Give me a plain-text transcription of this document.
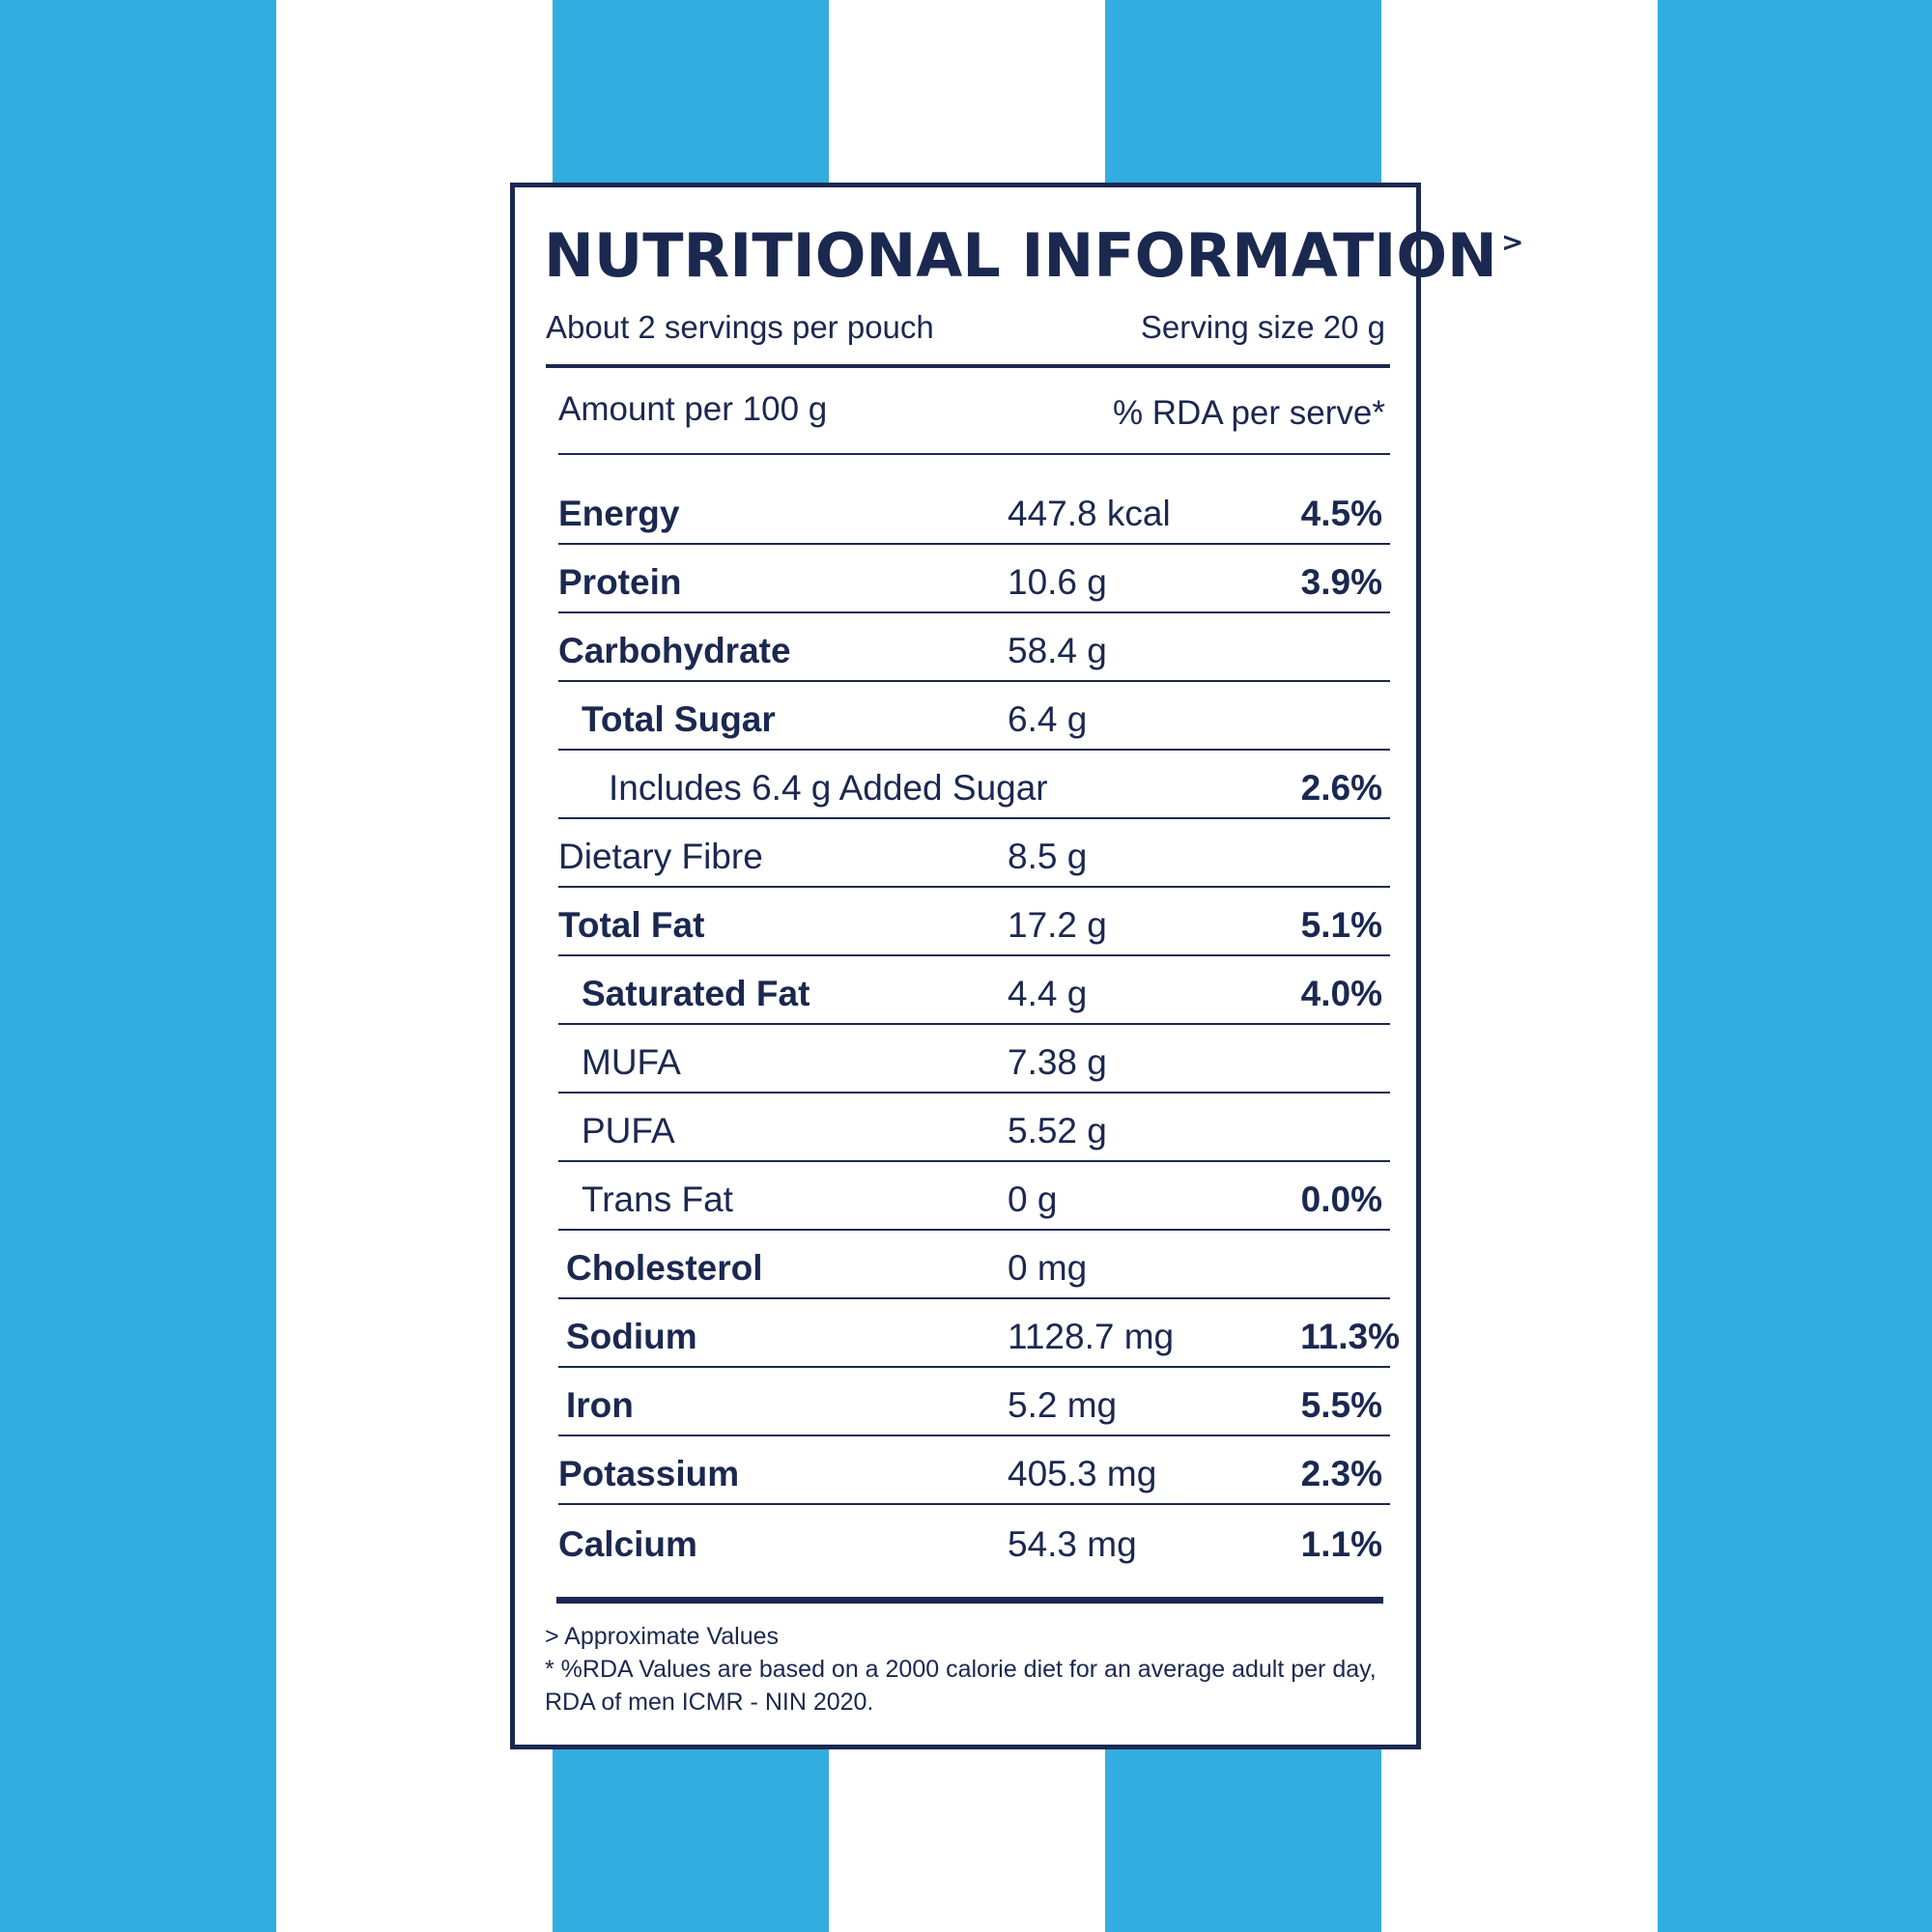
NUTRITIONAL INFORMATION >
About 2 servings per pouch	Serving size 20 g
Amount per 100 g	% RDA per serve*
Energy	447.8 kcal	4.5%
Protein	10.6 g	3.9%
Carbohydrate	58.4 g
Total Sugar	6.4 g
Includes 6.4 g Added Sugar	2.6%
Dietary Fibre	8.5 g
Total Fat	17.2 g	5.1%
Saturated Fat	4.4 g	4.0%
MUFA	7.38 g
PUFA	5.52 g
Trans Fat	0 g	0.0%
Cholesterol	0 mg
Sodium	1128.7 mg	11.3%
Iron	5.2 mg	5.5%
Potassium	405.3 mg	2.3%
Calcium	54.3 mg	1.1%
> Approximate Values
* %RDA Values are based on a 2000 calorie diet for an average adult per day,
RDA of men ICMR - NIN 2020.
